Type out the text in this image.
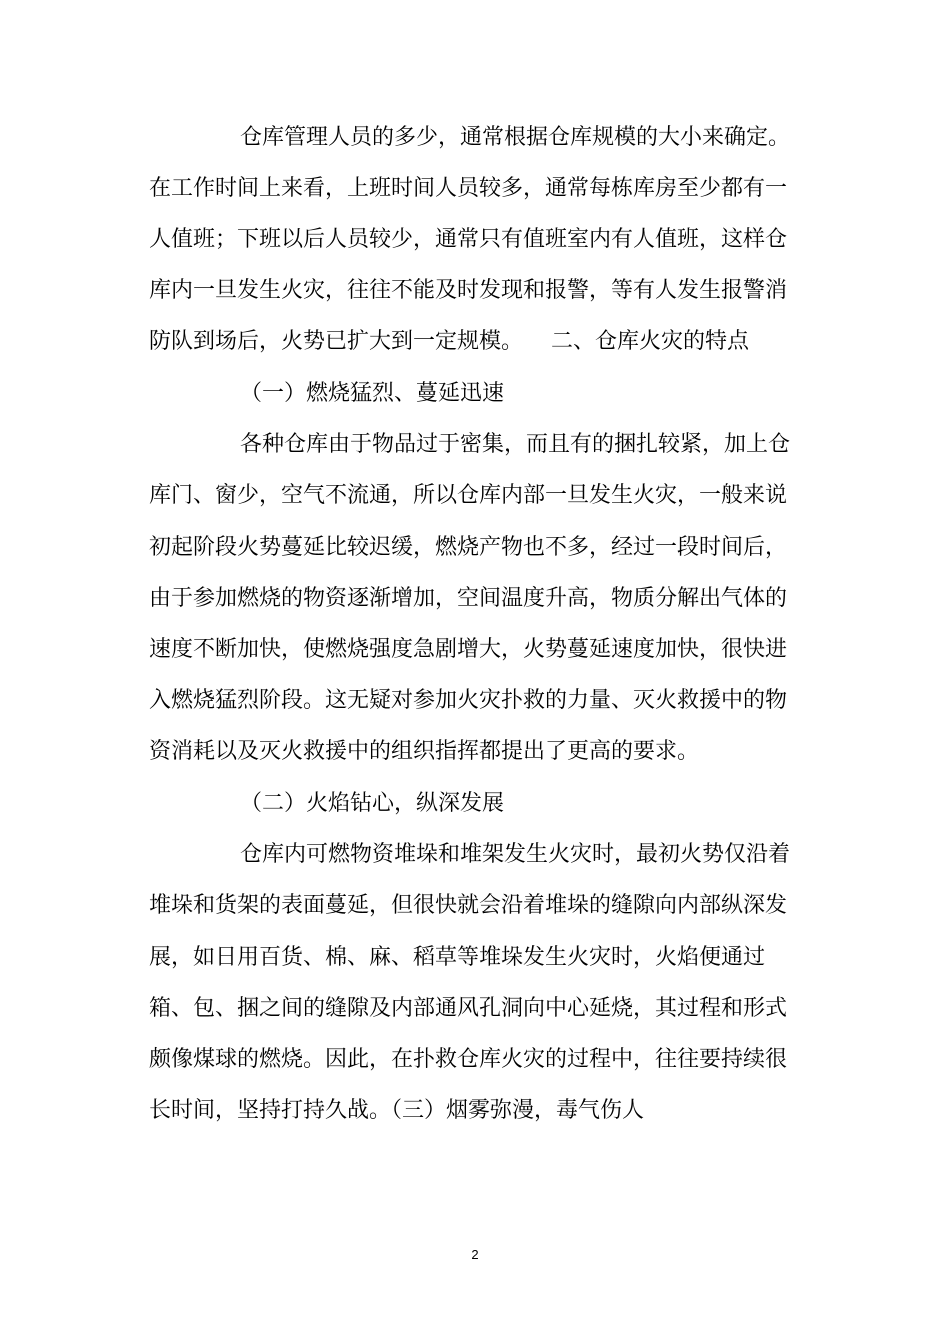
仓库管理人员的多少，通常根据仓库规模的大小来确定。
在工作时间上来看，上班时间人员较多，通常每栋库房至少都有一
人值班；下班以后人员较少，通常只有值班室内有人值班，这样仓
库内一旦发生火灾，往往不能及时发现和报警，等有人发生报警消
防队到场后，火势已扩大到一定规模。    二、仓库火灾的特点
（一）燃烧猛烈、蔓延迅速
各种仓库由于物品过于密集，而且有的捆扎较紧，加上仓
库门、窗少，空气不流通，所以仓库内部一旦发生火灾，一般来说
初起阶段火势蔓延比较迟缓，燃烧产物也不多，经过一段时间后，
由于参加燃烧的物资逐渐增加，空间温度升高，物质分解出气体的
速度不断加快，使燃烧强度急剧增大，火势蔓延速度加快，很快进
入燃烧猛烈阶段。这无疑对参加火灾扑救的力量、灭火救援中的物
资消耗以及灭火救援中的组织指挥都提出了更高的要求。
（二）火焰钻心，纵深发展
仓库内可燃物资堆垛和堆架发生火灾时，最初火势仅沿着
堆垛和货架的表面蔓延，但很快就会沿着堆垛的缝隙向内部纵深发
展，如日用百货、棉、麻、稻草等堆垛发生火灾时，火焰便通过
箱、包、捆之间的缝隙及内部通风孔洞向中心延烧，其过程和形式
颇像煤球的燃烧。因此，在扑救仓库火灾的过程中，往往要持续很
长时间，坚持打持久战。（三）烟雾弥漫，毒气伤人
2
